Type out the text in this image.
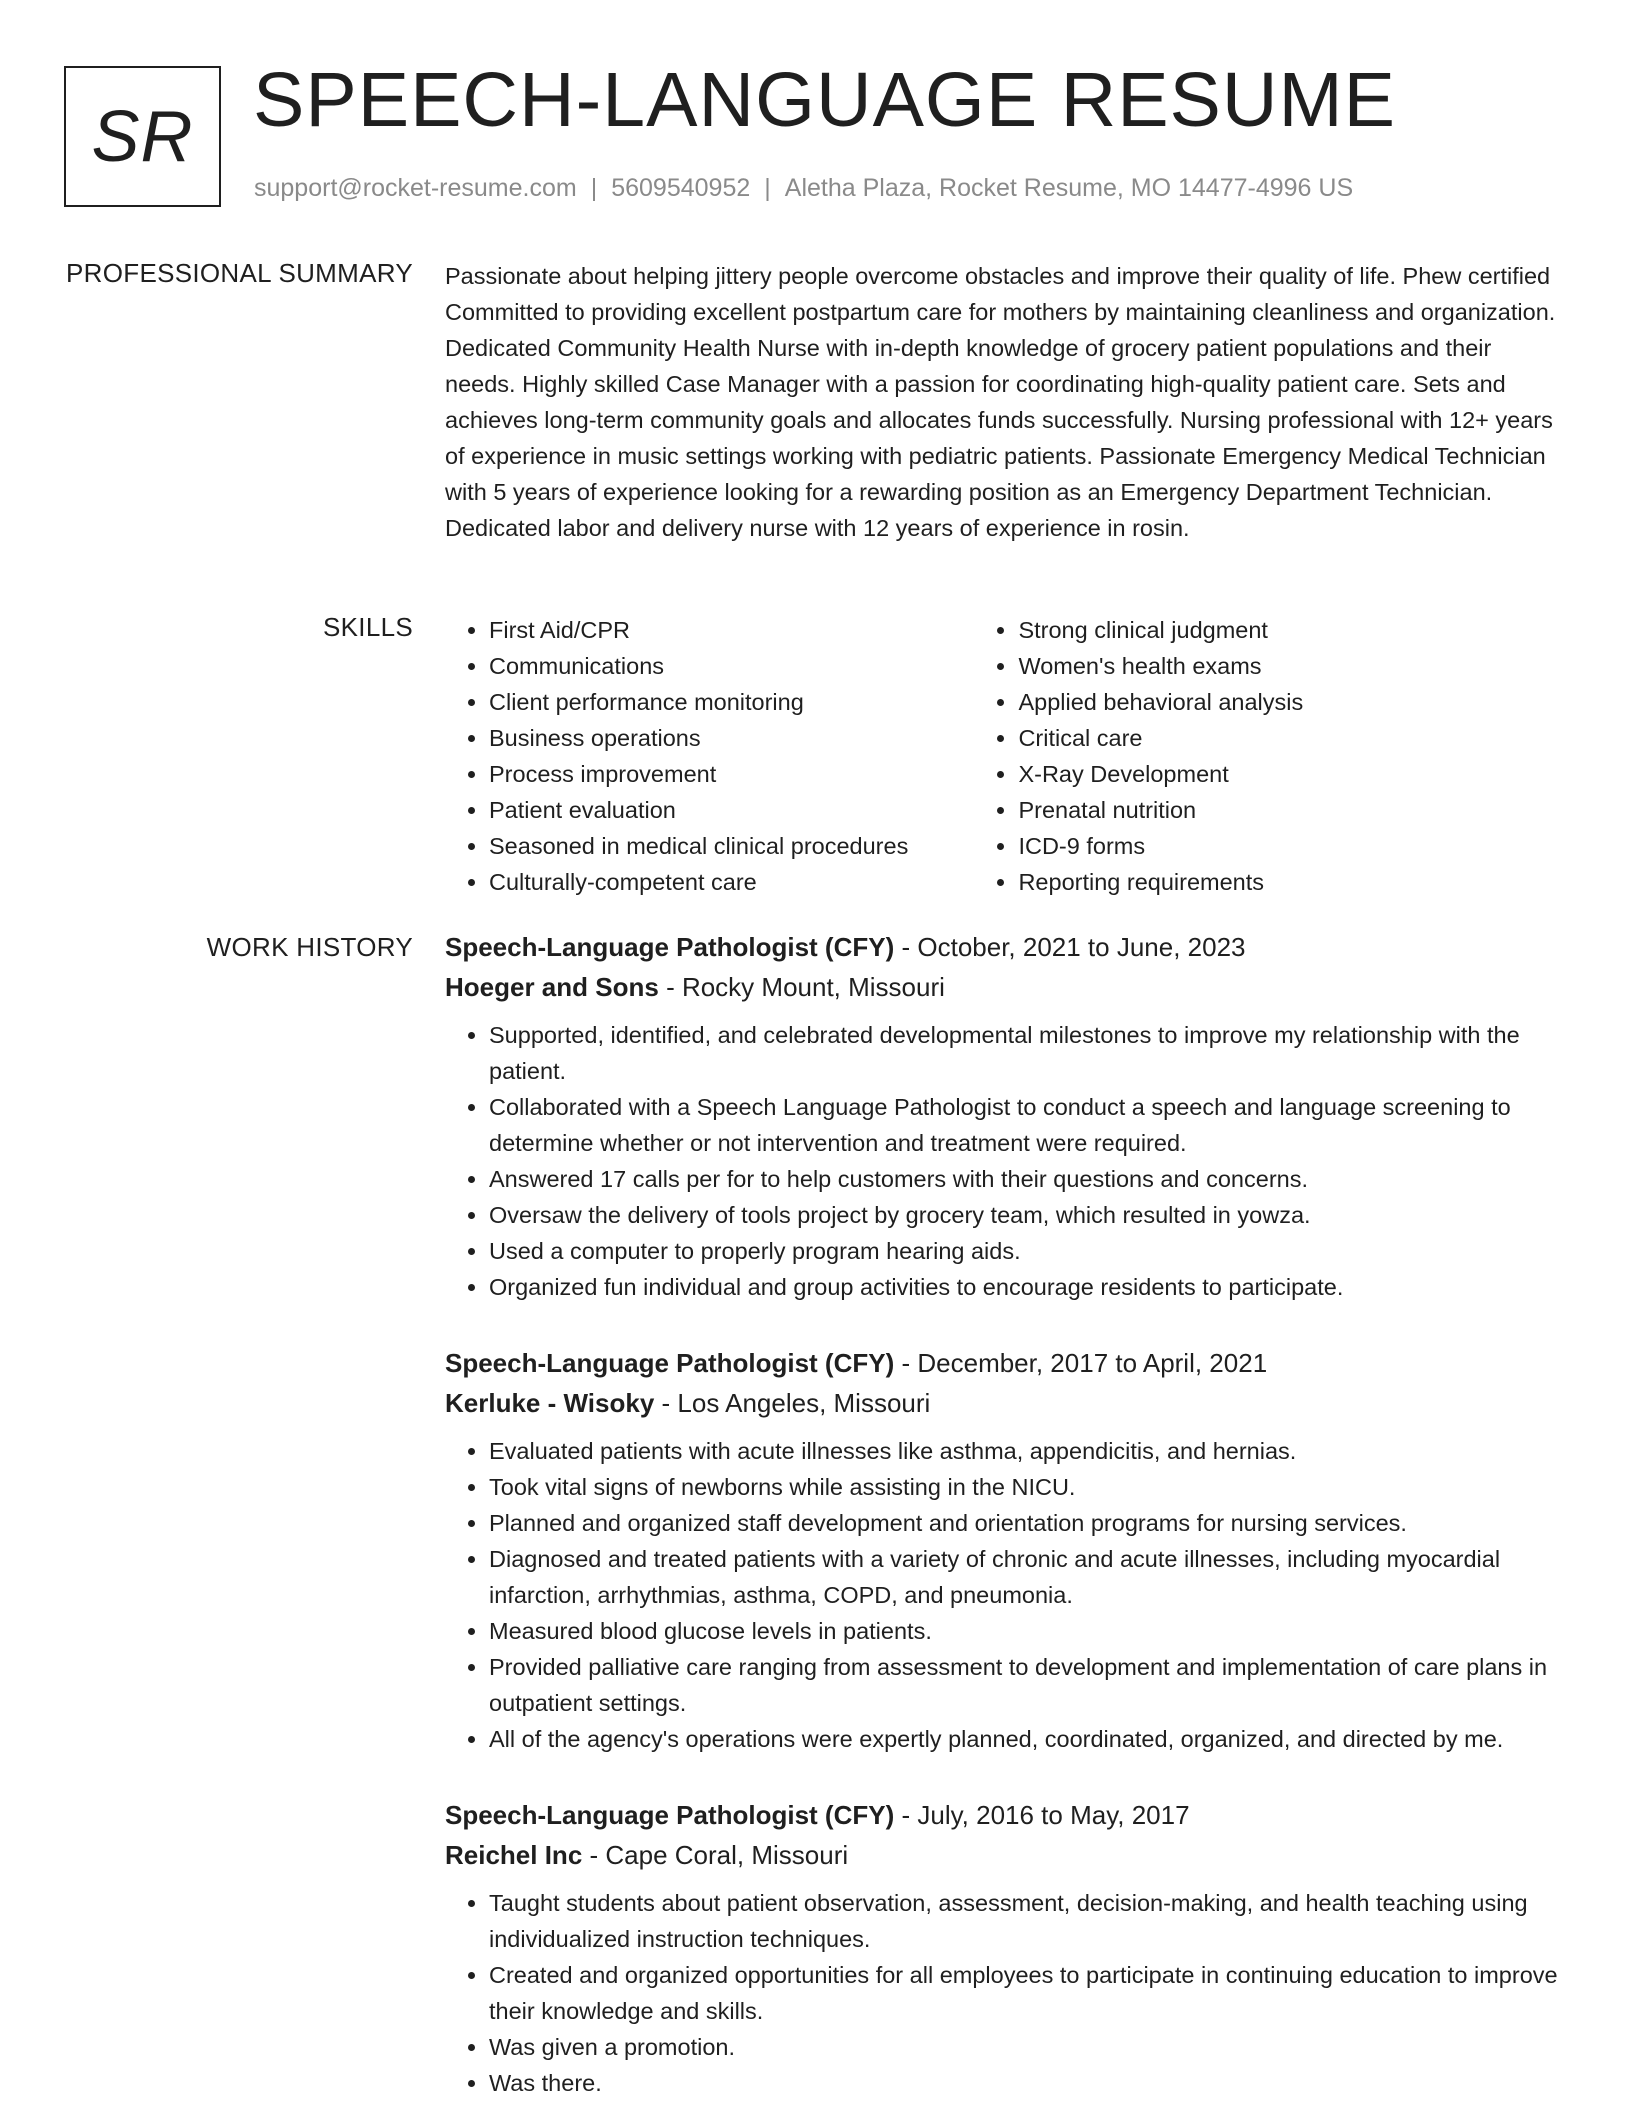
SR SPEECH-LANGUAGE RESUME
support@rocket-resume.com | 5609540952 | Aletha Plaza, Rocket Resume, MO 14477-4996 US
PROFESSIONAL SUMMARY Passionate about helping jittery people overcome obstacles and improve their quality of life. Phew certified Committed to providing excellent postpartum care for mothers by maintaining cleanliness and organization. Dedicated Community Health Nurse with in-depth knowledge of grocery patient populations and their needs. Highly skilled Case Manager with a passion for coordinating high-quality patient care. Sets and achieves long-term community goals and allocates funds successfully. Nursing professional with 12+ years of experience in music settings working with pediatric patients. Passionate Emergency Medical Technician with 5 years of experience looking for a rewarding position as an Emergency Department Technician. Dedicated labor and delivery nurse with 12 years of experience in rosin.

SKILLS
•	First Aid/CPR
• Communications
• Client performance monitoring
• Business operations
• Process improvement
• Patient evaluation
• Seasoned in medical clinical procedures
• Culturally-competent care
• Strong clinical judgment
• Women's health exams
• Applied behavioral analysis
• Critical care
• X-Ray Development
• Prenatal nutrition
• ICD-9 forms
• Reporting requirements
WORK HISTORY Speech-Language Pathologist (CFY) - October, 2021 to June, 2023
Hoeger and Sons - Rocky Mount, Missouri
• Supported, identified, and celebrated developmental milestones to improve my relationship with the patient.
• Collaborated with a Speech Language Pathologist to conduct a speech and language screening to determine whether or not intervention and treatment were required.
• Answered 17 calls per for to help customers with their questions and concerns.
• Oversaw the delivery of tools project by grocery team, which resulted in yowza.
• Used a computer to properly program hearing aids.
• Organized fun individual and group activities to encourage residents to participate.
Speech-Language Pathologist (CFY) - December, 2017 to April, 2021
Kerluke - Wisoky - Los Angeles, Missouri
• Evaluated patients with acute illnesses like asthma, appendicitis, and hernias.
• Took vital signs of newborns while assisting in the NICU.
• Planned and organized staff development and orientation programs for nursing services.
• Diagnosed and treated patients with a variety of chronic and acute illnesses, including myocardial infarction, arrhythmias, asthma, COPD, and pneumonia.
• Measured blood glucose levels in patients.
• Provided palliative care ranging from assessment to development and implementation of care plans in outpatient settings.
• All of the agency's operations were expertly planned, coordinated, organized, and directed by me.
Speech-Language Pathologist (CFY) - July, 2016 to May, 2017
Reichel Inc - Cape Coral, Missouri
• Taught students about patient observation, assessment, decision-making, and health teaching using individualized instruction techniques.
• Created and organized opportunities for all employees to participate in continuing education to improve their knowledge and skills.
• Was given a promotion.
• Was there.
